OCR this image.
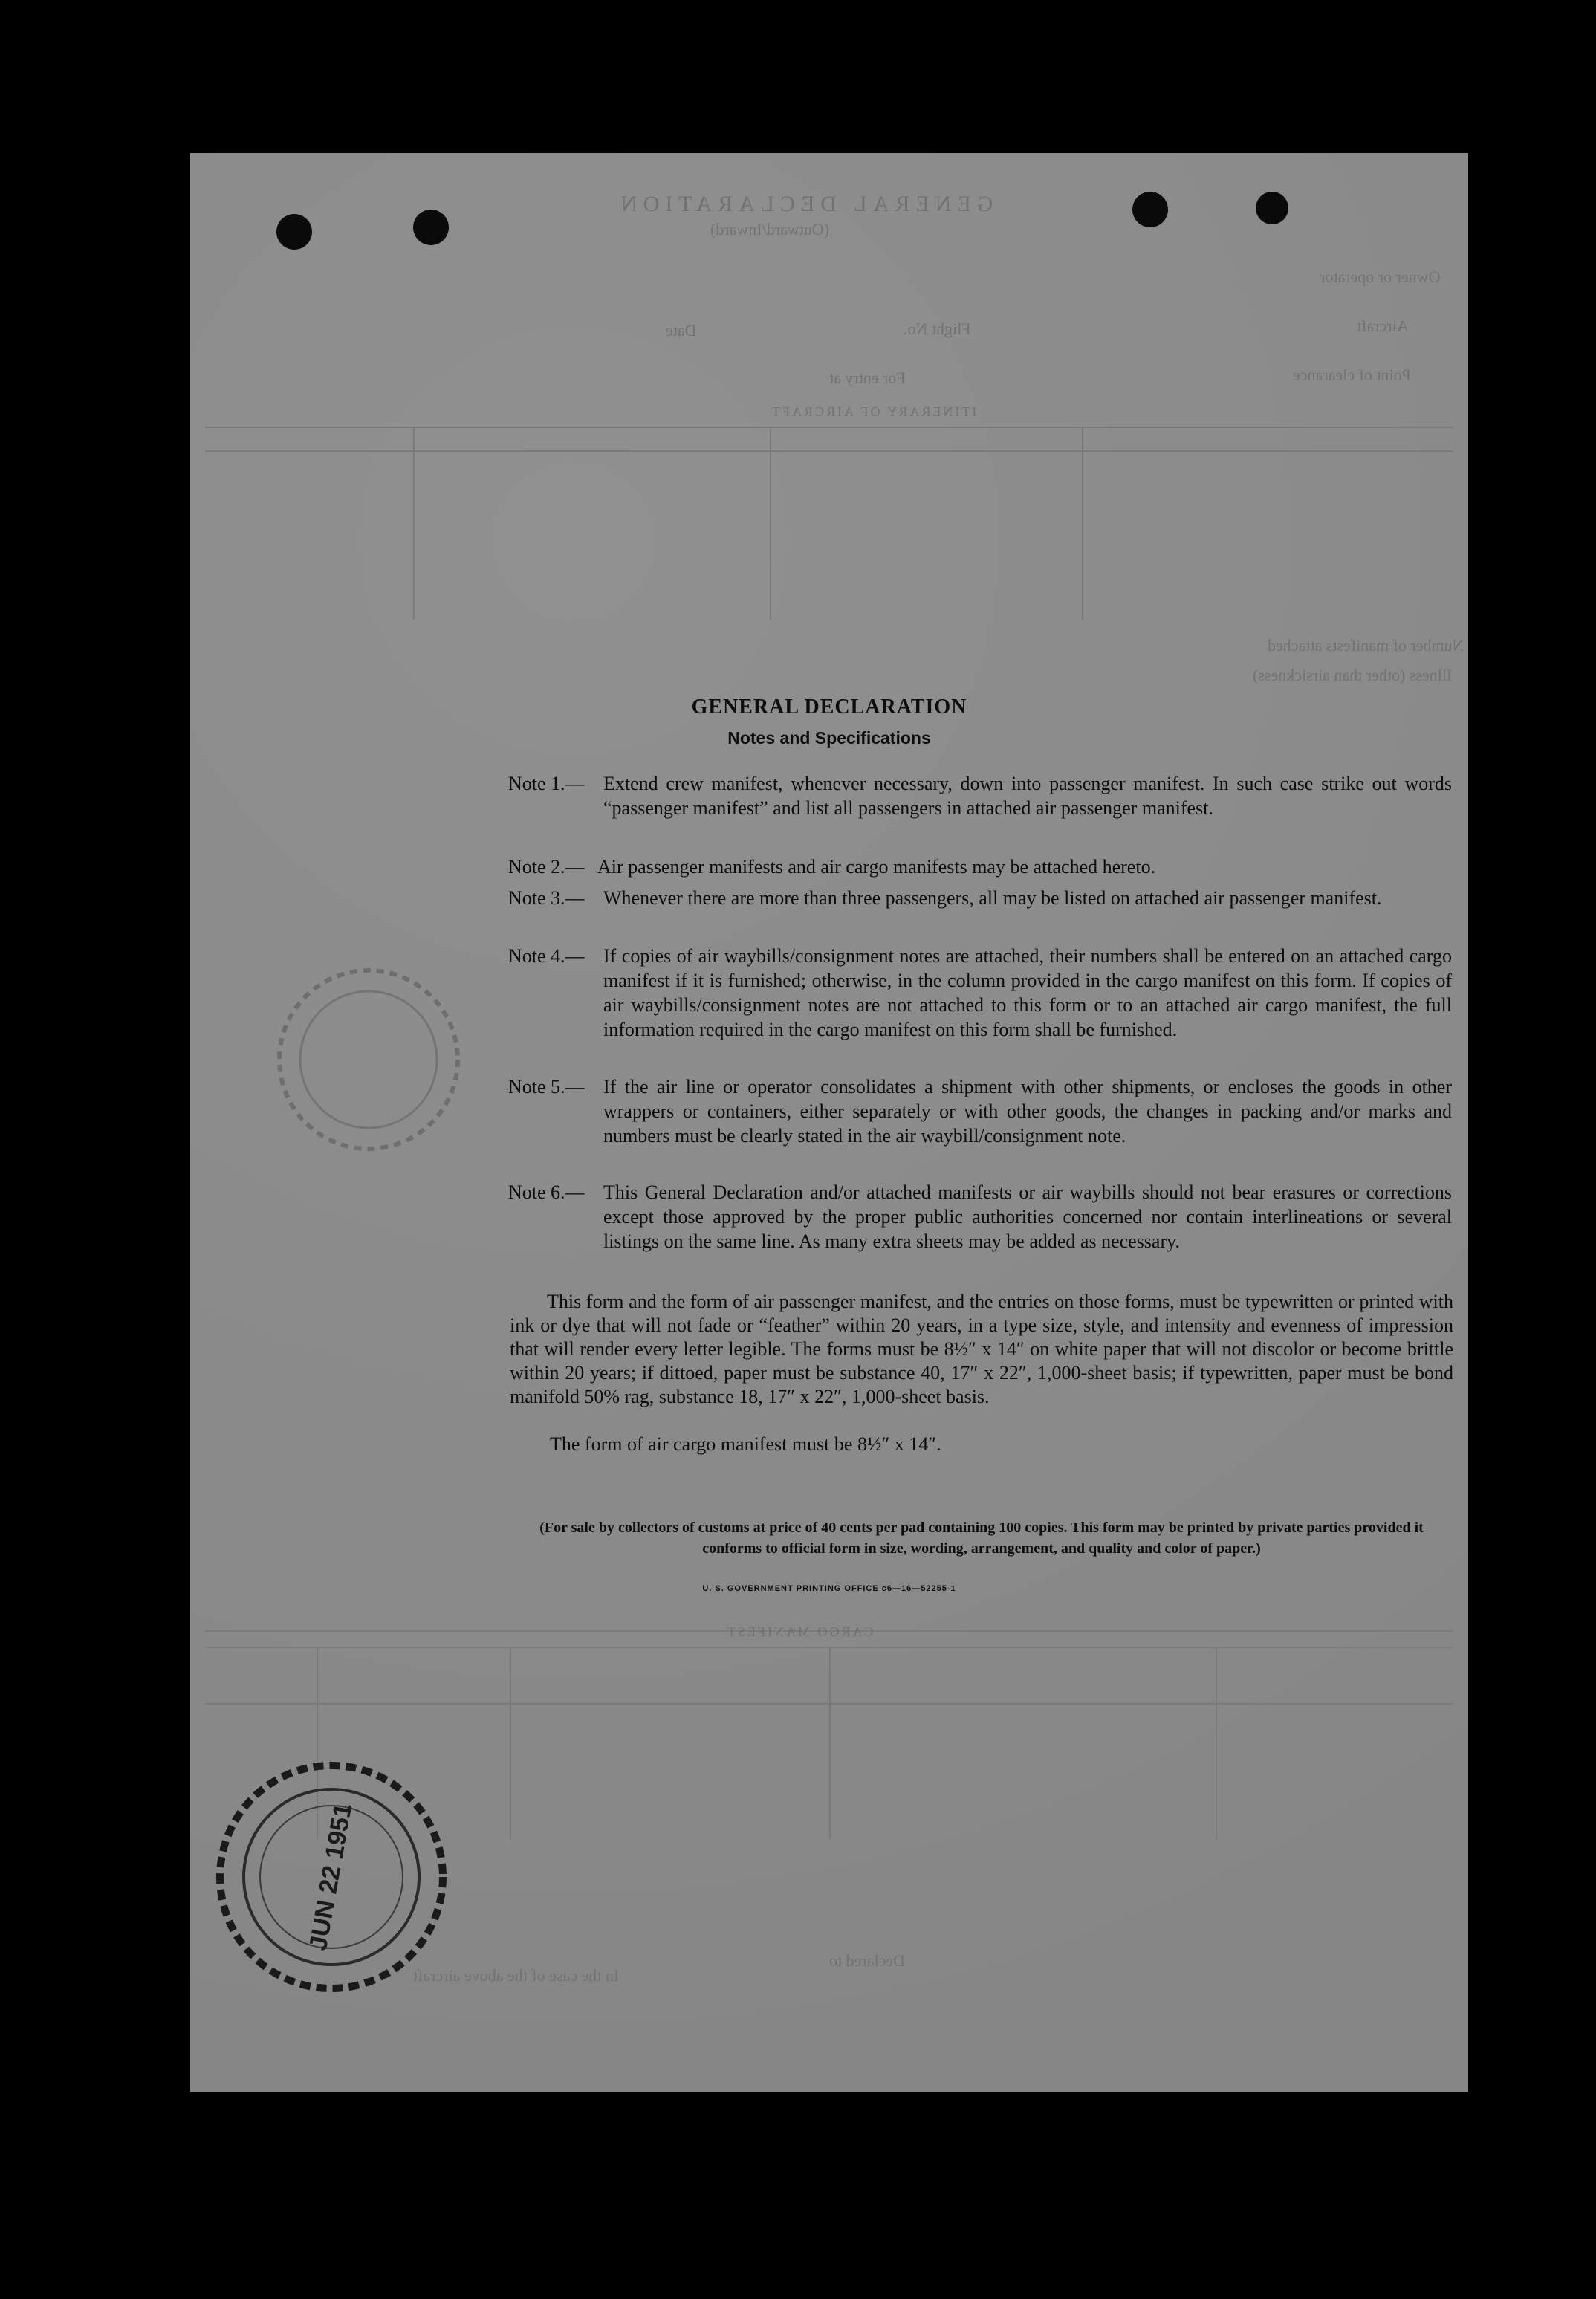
GENERAL DECLARATION
(Outward/Inward)
Owner or operator
Aircraft
Flight No.
Date
Point of clearance
For entry at
ITINERARY OF AIRCRAFT
Number of manifests attached
Illness (other than airsickness)
CARGO MANIFEST
Declared to
In the case of the above aircraft
JUN 22 1951
GENERAL DECLARATION
Notes and Specifications
Note 1.— Extend crew manifest, whenever necessary, down into passenger manifest. In such case strike out words “passenger manifest” and list all passengers in attached air passenger manifest.
Note 2.— Air passenger manifests and air cargo manifests may be attached hereto.
Note 3.— Whenever there are more than three passengers, all may be listed on attached air passenger manifest.
Note 4.— If copies of air waybills/consignment notes are attached, their numbers shall be entered on an attached cargo manifest if it is furnished; otherwise, in the column provided in the cargo manifest on this form. If copies of air waybills/consignment notes are not attached to this form or to an attached air cargo manifest, the full information required in the cargo manifest on this form shall be furnished.
Note 5.— If the air line or operator consolidates a shipment with other shipments, or encloses the goods in other wrappers or containers, either separately or with other goods, the changes in packing and/or marks and numbers must be clearly stated in the air waybill/consignment note.
Note 6.— This General Declaration and/or attached manifests or air waybills should not bear erasures or corrections except those approved by the proper public authorities concerned nor contain interlineations or several listings on the same line. As many extra sheets may be added as necessary.
This form and the form of air passenger manifest, and the entries on those forms, must be typewritten or printed with ink or dye that will not fade or “feather” within 20 years, in a type size, style, and intensity and evenness of impression that will render every letter legible. The forms must be 8½″ x 14″ on white paper that will not discolor or become brittle within 20 years; if dittoed, paper must be substance 40, 17″ x 22″, 1,000-sheet basis; if typewritten, paper must be bond manifold 50% rag, substance 18, 17″ x 22″, 1,000-sheet basis.
The form of air cargo manifest must be 8½″ x 14″.
(For sale by collectors of customs at price of 40 cents per pad containing 100 copies. This form may be printed by private parties provided it conforms to official form in size, wording, arrangement, and quality and color of paper.)
U. S. GOVERNMENT PRINTING OFFICE c6—16—52255-1
